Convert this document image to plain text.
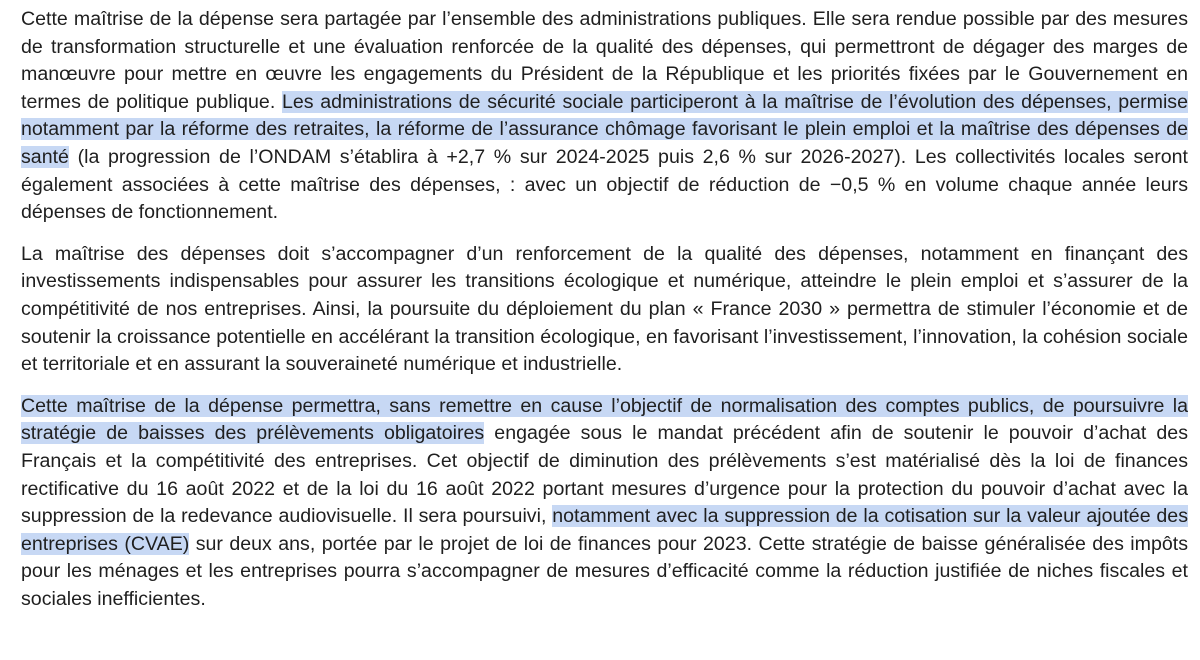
Cette maîtrise de la dépense sera partagée par l’ensemble des administrations publiques. Elle sera rendue possible par des mesures de transformation structurelle et une évaluation renforcée de la qualité des dépenses, qui permettront de dégager des marges de manœuvre pour mettre en œuvre les engagements du Président de la République et les priorités fixées par le Gouvernement en termes de politique publique. Les administrations de sécurité sociale participeront à la maîtrise de l’évolution des dépenses, permise notamment par la réforme des retraites, la réforme de l’assurance chômage favorisant le plein emploi et la maîtrise des dépenses de santé (la progression de l’ONDAM s’établira à +2,7 % sur 2024-2025 puis 2,6 % sur 2026-2027). Les collectivités locales seront également associées à cette maîtrise des dépenses, : avec un objectif de réduction de −0,5 % en volume chaque année leurs dépenses de fonctionnement.

La maîtrise des dépenses doit s’accompagner d’un renforcement de la qualité des dépenses, notamment en finançant des investissements indispensables pour assurer les transitions écologique et numérique, atteindre le plein emploi et s’assurer de la compétitivité de nos entreprises. Ainsi, la poursuite du déploiement du plan « France 2030 » permettra de stimuler l’économie et de soutenir la croissance potentielle en accélérant la transition écologique, en favorisant l’investissement, l’innovation, la cohésion sociale et territoriale et en assurant la souveraineté numérique et industrielle.

Cette maîtrise de la dépense permettra, sans remettre en cause l’objectif de normalisation des comptes publics, de poursuivre la stratégie de baisses des prélèvements obligatoires engagée sous le mandat précédent afin de soutenir le pouvoir d’achat des Français et la compétitivité des entreprises. Cet objectif de diminution des prélèvements s’est matérialisé dès la loi de finances rectificative du 16 août 2022 et de la loi du 16 août 2022 portant mesures d’urgence pour la protection du pouvoir d’achat avec la suppression de la redevance audiovisuelle. Il sera poursuivi, notamment avec la suppression de la cotisation sur la valeur ajoutée des entreprises (CVAE) sur deux ans, portée par le projet de loi de finances pour 2023. Cette stratégie de baisse généralisée des impôts pour les ménages et les entreprises pourra s’accompagner de mesures d’efficacité comme la réduction justifiée de niches fiscales et sociales inefficientes.
